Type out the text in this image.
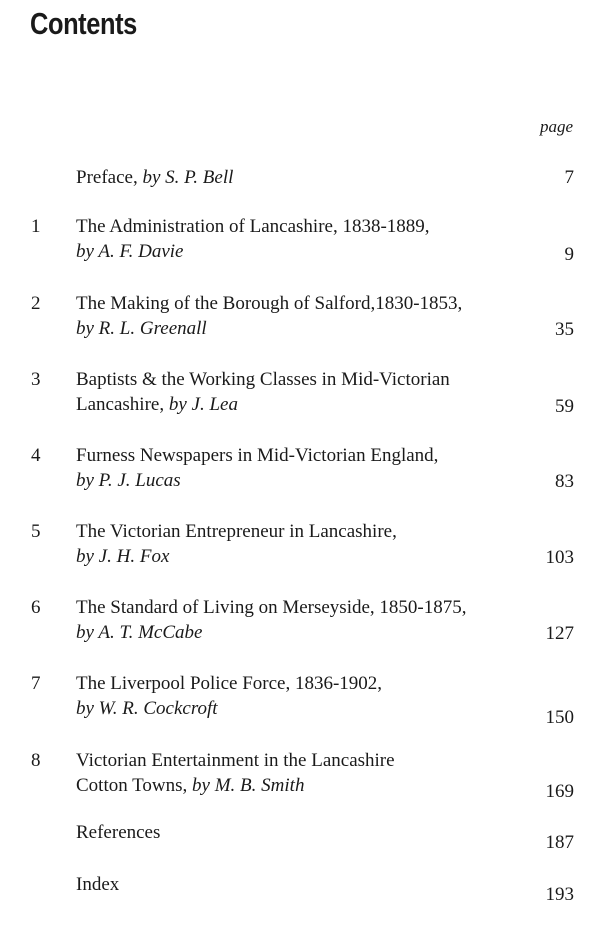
Contents
page
Preface, by S. P. Bell	7
1 The Administration of Lancashire, 1838-1889,
by A. F. Davie	9
2 The Making of the Borough of Salford,1830-1853,
by R. L. Greenall	35
3 Baptists & the Working Classes in Mid-Victorian
Lancashire, by J. Lea	59
4 Furness Newspapers in Mid-Victorian England,
by P. J. Lucas	83
5 The Victorian Entrepreneur in Lancashire,
by J. H. Fox	103
6 The Standard of Living on Merseyside, 1850-1875,
by A. T. McCabe	127
7 The Liverpool Police Force, 1836-1902,
by W. R. Cockcroft	150
8 Victorian Entertainment in the Lancashire
Cotton Towns, by M. B. Smith	169
References	187
Index	193
